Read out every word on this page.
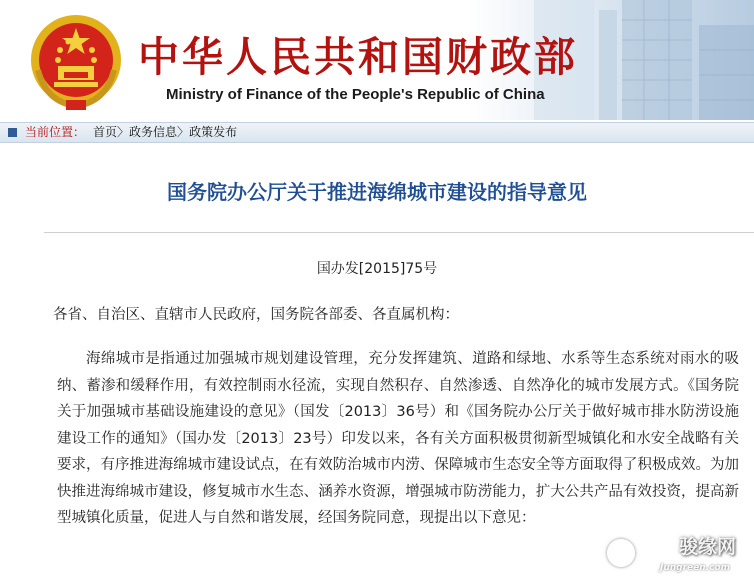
中华人民共和国财政部
Ministry of Finance of the People's Republic of China
当前位置： 首页〉政务信息〉政策发布
国务院办公厅关于推进海绵城市建设的指导意见
国办发[2015]75号
各省、自治区、直辖市人民政府，国务院各部委、各直属机构：

海绵城市是指通过加强城市规划建设管理，充分发挥建筑、道路和绿地、水系等生态系统对雨水的吸纳、蓄渗和缓释作用，有效控制雨水径流，实现自然积存、自然渗透、自然净化的城市发展方式。《国务院关于加强城市基础设施建设的意见》（国发〔2013〕36号）和《国务院办公厅关于做好城市排水防涝设施建设工作的通知》（国办发〔2013〕23号）印发以来，各有关方面积极贯彻新型城镇化和水安全战略有关要求，有序推进海绵城市建设试点，在有效防治城市内涝、保障城市生态安全等方面取得了积极成效。为加快推进海绵城市建设，修复城市水生态、涵养水资源，增强城市防涝能力，扩大公共产品有效投资，提高新型城镇化质量，促进人与自然和谐发展，经国务院同意，现提出以下意见：

骏缘网
Jungreen.com
